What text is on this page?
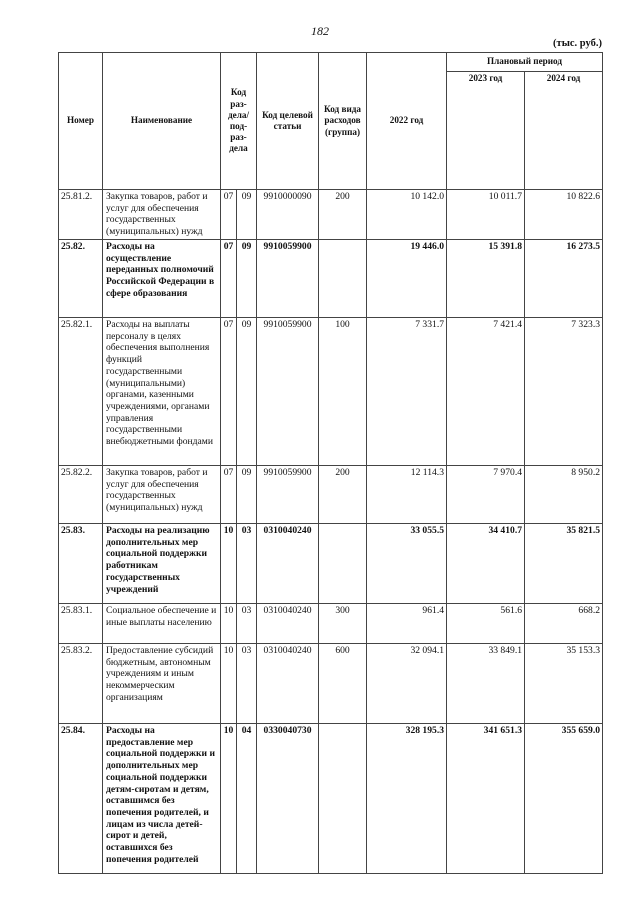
182
(тыс. руб.)
Номер	Наименование	Код раз-дела/ под-раз-дела		Код целевой статьи	Код вида расходов (группа)	2022 год	Плановый период	
							2023 год	2024 год
25.81.2.	Закупка товаров, работ и услуг для обеспечения государственных (муниципальных) нужд	07	09	9910000090	200	10 142.0	10 011.7	10 822.6
25.82.	Расходы на осуществление переданных полномочий Российской Федерации в сфере образования	07	09	9910059900		19 446.0	15 391.8	16 273.5
25.82.1.	Расходы на выплаты персоналу в целях обеспечения выполнения функций государственными (муниципальными) органами, казенными учреждениями, органами управления государственными внебюджетными фондами	07	09	9910059900	100	7 331.7	7 421.4	7 323.3
25.82.2.	Закупка товаров, работ и услуг для обеспечения государственных (муниципальных) нужд	07	09	9910059900	200	12 114.3	7 970.4	8 950.2
25.83.	Расходы на реализацию дополнительных мер социальной поддержки работникам государственных учреждений	10	03	0310040240		33 055.5	34 410.7	35 821.5
25.83.1.	Социальное обеспечение и иные выплаты населению	10	03	0310040240	300	961.4	561.6	668.2
25.83.2.	Предоставление субсидий бюджетным, автономным учреждениям и иным некоммерческим организациям	10	03	0310040240	600	32 094.1	33 849.1	35 153.3
25.84.	Расходы на предоставление мер социальной поддержки и дополнительных мер социальной поддержки детям-сиротам и детям, оставшимся без попечения родителей, и лицам из числа детей-сирот и детей, оставшихся без попечения родителей	10	04	0330040730		328 195.3	341 651.3	355 659.0
